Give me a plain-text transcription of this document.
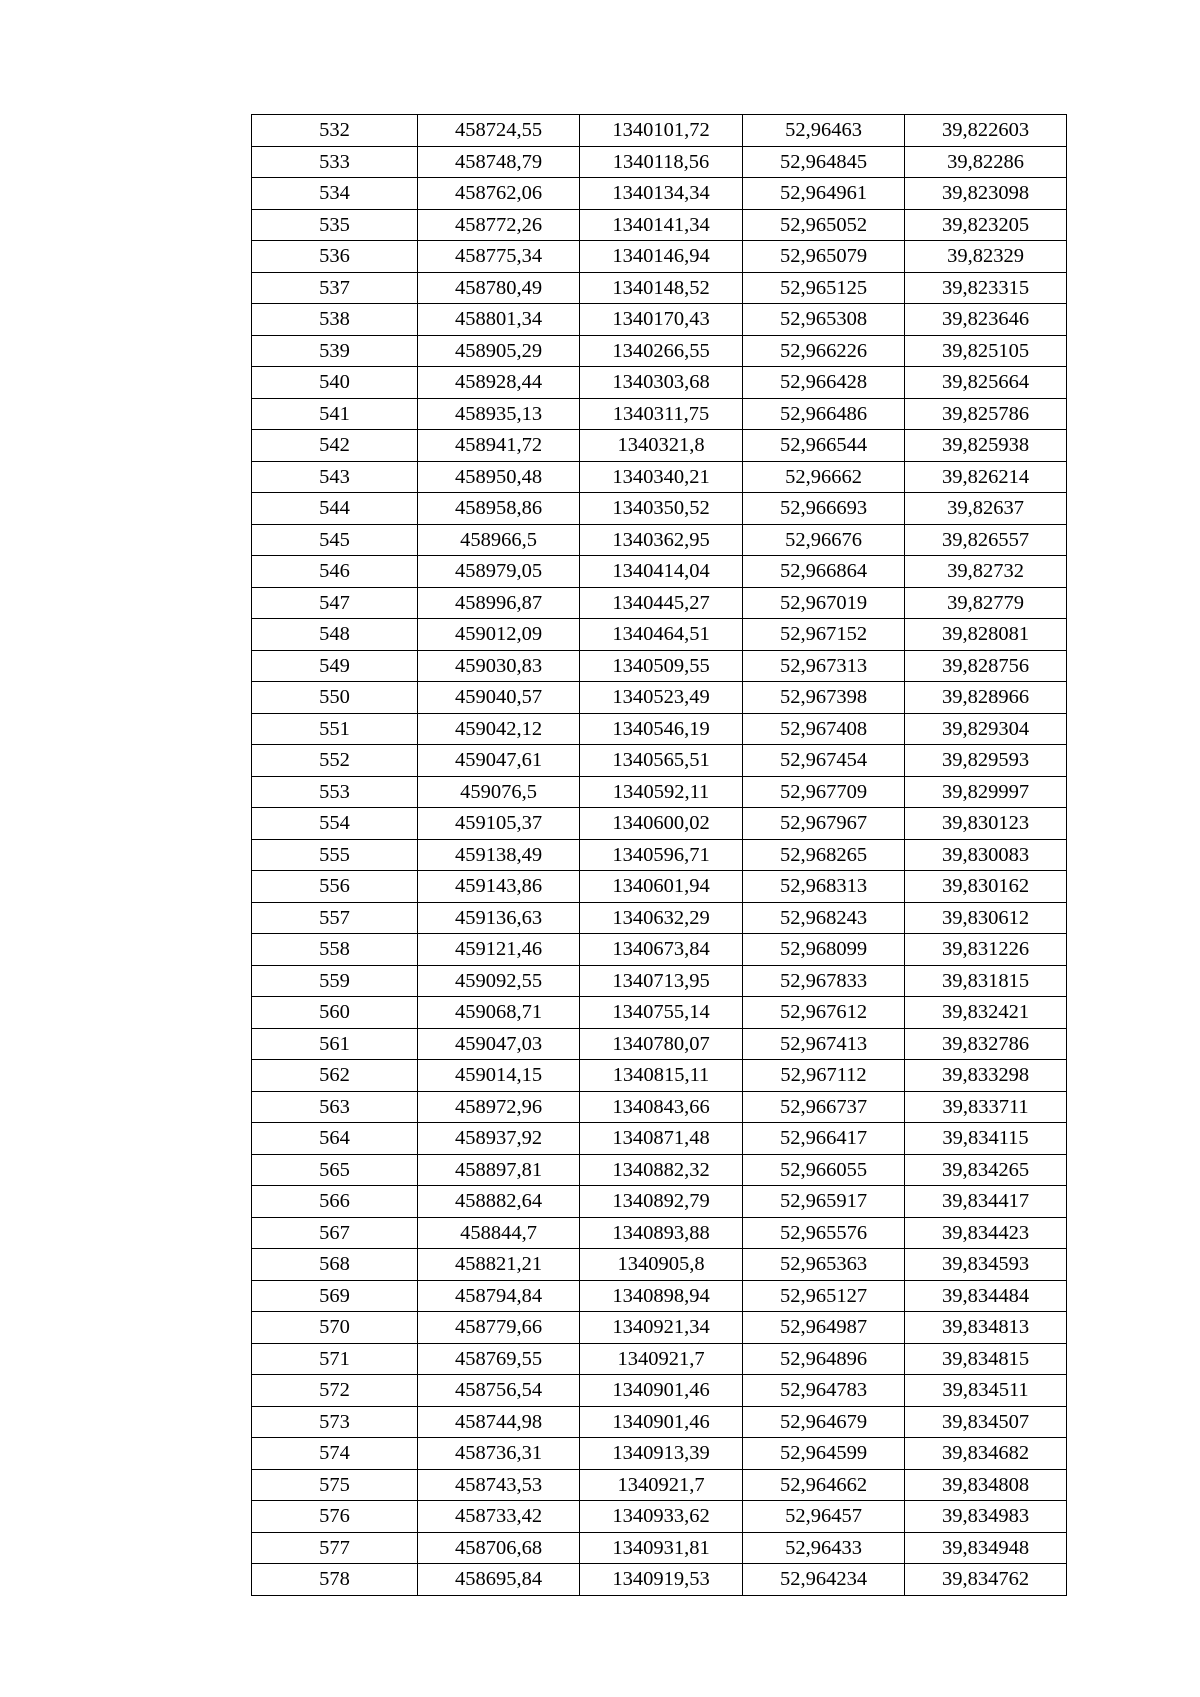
532	458724,55	1340101,72	52,96463	39,822603
533	458748,79	1340118,56	52,964845	39,82286
534	458762,06	1340134,34	52,964961	39,823098
535	458772,26	1340141,34	52,965052	39,823205
536	458775,34	1340146,94	52,965079	39,82329
537	458780,49	1340148,52	52,965125	39,823315
538	458801,34	1340170,43	52,965308	39,823646
539	458905,29	1340266,55	52,966226	39,825105
540	458928,44	1340303,68	52,966428	39,825664
541	458935,13	1340311,75	52,966486	39,825786
542	458941,72	1340321,8	52,966544	39,825938
543	458950,48	1340340,21	52,96662	39,826214
544	458958,86	1340350,52	52,966693	39,82637
545	458966,5	1340362,95	52,96676	39,826557
546	458979,05	1340414,04	52,966864	39,82732
547	458996,87	1340445,27	52,967019	39,82779
548	459012,09	1340464,51	52,967152	39,828081
549	459030,83	1340509,55	52,967313	39,828756
550	459040,57	1340523,49	52,967398	39,828966
551	459042,12	1340546,19	52,967408	39,829304
552	459047,61	1340565,51	52,967454	39,829593
553	459076,5	1340592,11	52,967709	39,829997
554	459105,37	1340600,02	52,967967	39,830123
555	459138,49	1340596,71	52,968265	39,830083
556	459143,86	1340601,94	52,968313	39,830162
557	459136,63	1340632,29	52,968243	39,830612
558	459121,46	1340673,84	52,968099	39,831226
559	459092,55	1340713,95	52,967833	39,831815
560	459068,71	1340755,14	52,967612	39,832421
561	459047,03	1340780,07	52,967413	39,832786
562	459014,15	1340815,11	52,967112	39,833298
563	458972,96	1340843,66	52,966737	39,833711
564	458937,92	1340871,48	52,966417	39,834115
565	458897,81	1340882,32	52,966055	39,834265
566	458882,64	1340892,79	52,965917	39,834417
567	458844,7	1340893,88	52,965576	39,834423
568	458821,21	1340905,8	52,965363	39,834593
569	458794,84	1340898,94	52,965127	39,834484
570	458779,66	1340921,34	52,964987	39,834813
571	458769,55	1340921,7	52,964896	39,834815
572	458756,54	1340901,46	52,964783	39,834511
573	458744,98	1340901,46	52,964679	39,834507
574	458736,31	1340913,39	52,964599	39,834682
575	458743,53	1340921,7	52,964662	39,834808
576	458733,42	1340933,62	52,96457	39,834983
577	458706,68	1340931,81	52,96433	39,834948
578	458695,84	1340919,53	52,964234	39,834762
